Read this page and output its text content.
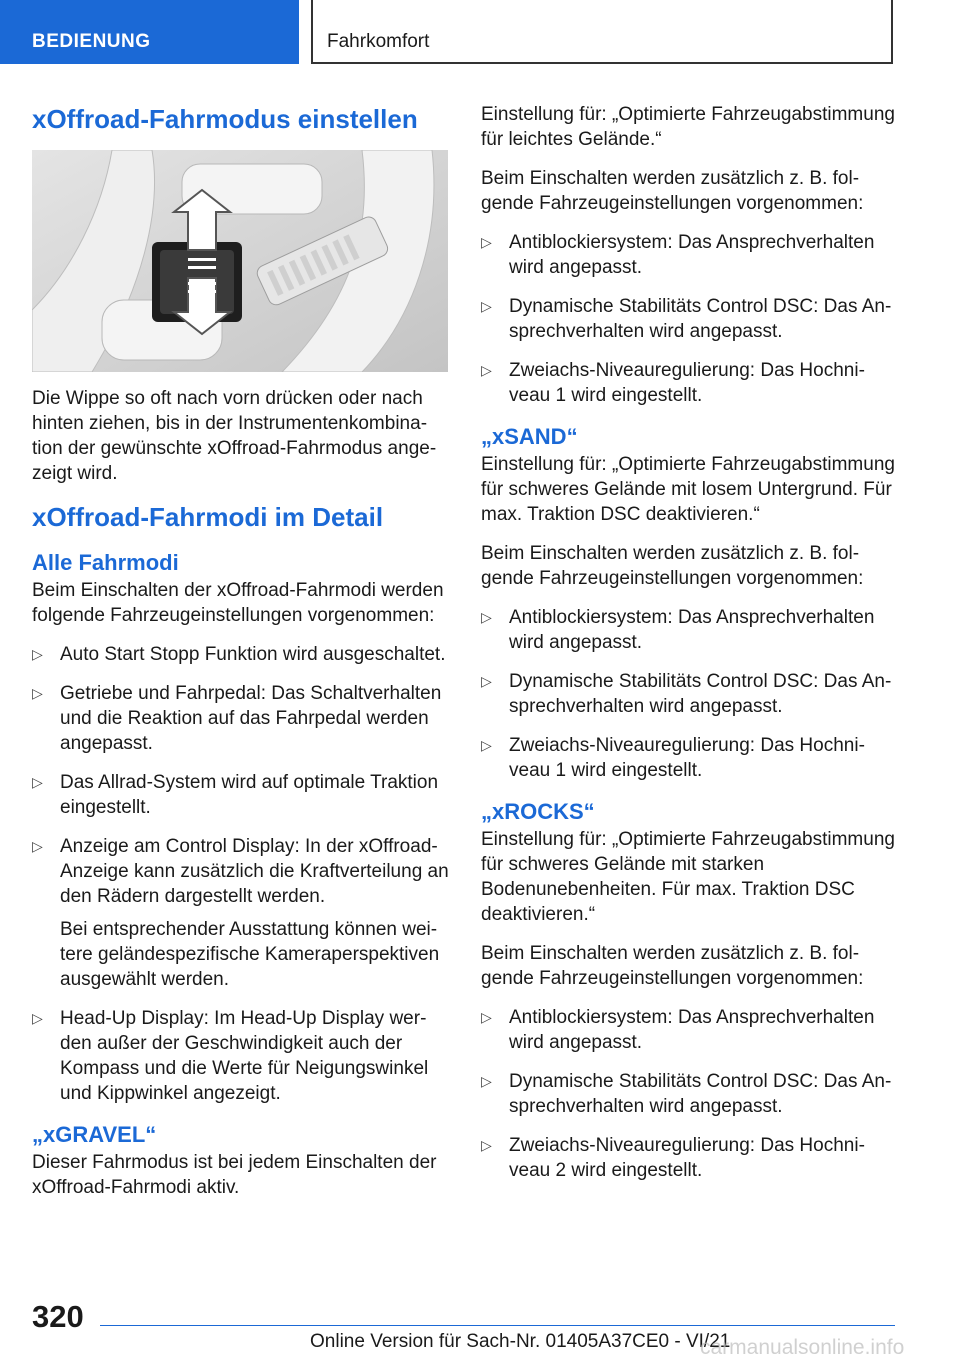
BEDIENUNG	Fahrkomfort
xOffroad-Fahrmodus einstellen

Die Wippe so oft nach vorn drücken oder nach hinten ziehen, bis in der Instrumentenkombination der gewünschte xOffroad-Fahrmodus angezeigt wird.

xOffroad-Fahrmodi im Detail
Alle Fahrmodi

Beim Einschalten der xOffroad-Fahrmodi werden folgende Fahrzeugeinstellungen vorgenommen:

▷ Auto Start Stopp Funktion wird ausgeschaltet.
▷ Getriebe und Fahrpedal: Das Schaltverhalten und die Reaktion auf das Fahrpedal werden angepasst.
▷ Das Allrad-System wird auf optimale Traktion eingestellt.
▷ Anzeige am Control Display: In der xOffroad-Anzeige kann zusätzlich die Kraftverteilung an den Rädern dargestellt werden.
Bei entsprechender Ausstattung können weitere geländespezifische Kameraperspektiven ausgewählt werden.
▷ Head-Up Display: Im Head-Up Display werden außer der Geschwindigkeit auch der Kompass und die Werte für Neigungswinkel und Kippwinkel angezeigt.
„xGRAVEL“

Dieser Fahrmodus ist bei jedem Einschalten der xOffroad-Fahrmodi aktiv.

Einstellung für: „Optimierte Fahrzeugabstimmung für leichtes Gelände.“

Beim Einschalten werden zusätzlich z. B. folgende Fahrzeugeinstellungen vorgenommen:

▷ Antiblockiersystem: Das Ansprechverhalten wird angepasst.
▷ Dynamische Stabilitäts Control DSC: Das Ansprechverhalten wird angepasst.
▷ Zweiachs-Niveauregulierung: Das Hochniveau 1 wird eingestellt.
„xSAND“

Einstellung für: „Optimierte Fahrzeugabstimmung für schweres Gelände mit losem Untergrund. Für max. Traktion DSC deaktivieren.“

Beim Einschalten werden zusätzlich z. B. folgende Fahrzeugeinstellungen vorgenommen:

▷ Antiblockiersystem: Das Ansprechverhalten wird angepasst.
▷ Dynamische Stabilitäts Control DSC: Das Ansprechverhalten wird angepasst.
▷ Zweiachs-Niveauregulierung: Das Hochniveau 1 wird eingestellt.
„xROCKS“

Einstellung für: „Optimierte Fahrzeugabstimmung für schweres Gelände mit starken Bodenunebenheiten. Für max. Traktion DSC deaktivieren.“

Beim Einschalten werden zusätzlich z. B. folgende Fahrzeugeinstellungen vorgenommen:

▷ Antiblockiersystem: Das Ansprechverhalten wird angepasst.
▷ Dynamische Stabilitäts Control DSC: Das Ansprechverhalten wird angepasst.
▷ Zweiachs-Niveauregulierung: Das Hochniveau 2 wird eingestellt.
320
Online Version für Sach-Nr. 01405A37CE0 - VI/21
carmanualsonline.info
